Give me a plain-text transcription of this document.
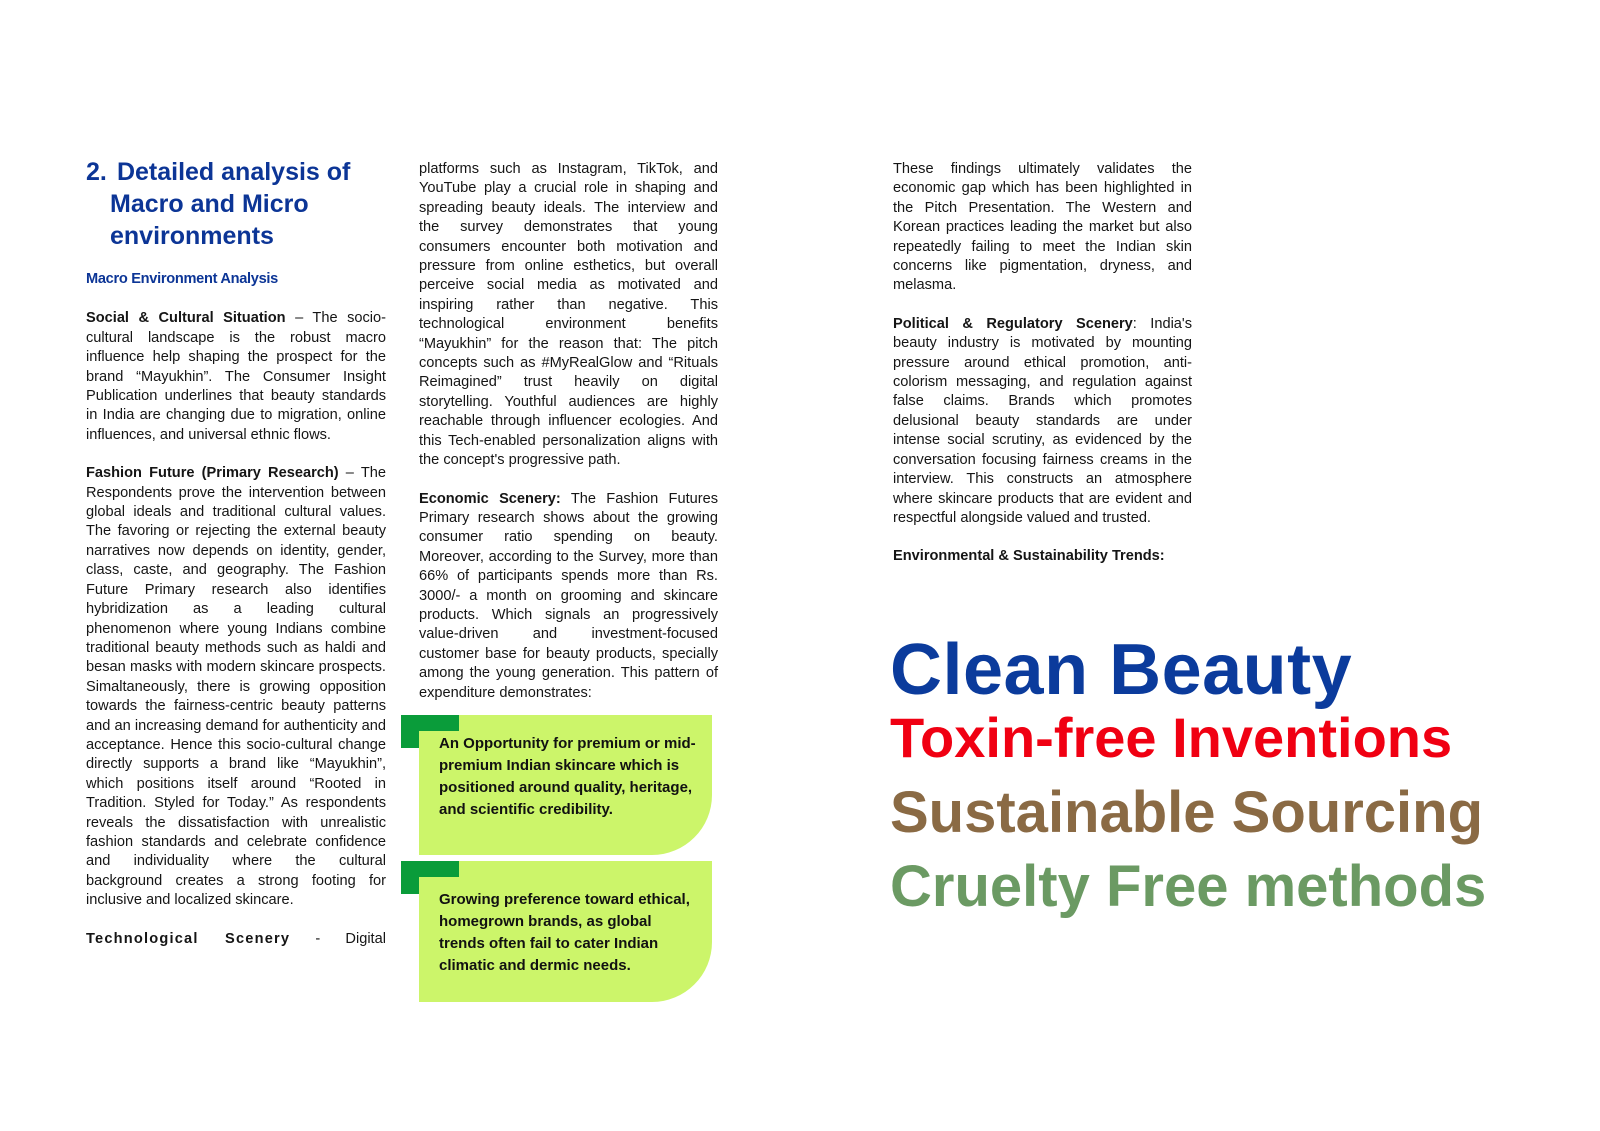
2. Detailed analysis of
Macro and Micro
environments
Macro Environment Analysis

Social & Cultural Situation – The socio-cultural landscape is the robust macro influence help shaping the prospect for the brand “Mayukhin”. The Consumer Insight Publication underlines that beauty standards in India are changing due to migration, online influences, and universal ethnic flows.

Fashion Future (Primary Research) – The Respondents prove the intervention between global ideals and traditional cultural values. The favoring or rejecting the external beauty narratives now depends on identity, gender, class, caste, and geography. The Fashion Future Primary research also identifies hybridization as a leading cultural phenomenon where young Indians combine traditional beauty methods such as haldi and besan masks with modern skincare prospects. Simaltaneously, there is growing opposition towards the fairness-centric beauty patterns and an increasing demand for authenticity and acceptance. Hence this socio-cultural change directly supports a brand like “Mayukhin”, which positions itself around “Rooted in Tradition. Styled for Today.” As respondents reveals the dissatisfaction with unrealistic fashion standards and celebrate confidence and individuality where the cultural background creates a strong footing for inclusive and localized skincare.

Technological Scenery - Digital

platforms such as Instagram, TikTok, and YouTube play a crucial role in shaping and spreading beauty ideals. The interview and the survey demonstrates that young consumers encounter both motivation and pressure from online esthetics, but overall perceive social media as motivated and inspiring rather than negative. This technological environment benefits “Mayukhin” for the reason that: The pitch concepts such as #MyRealGlow and “Rituals Reimagined” trust heavily on digital storytelling. Youthful audiences are highly reachable through influencer ecologies. And this Tech-enabled personalization aligns with the concept's progressive path.

Economic Scenery: The Fashion Futures Primary research shows about the growing consumer ratio spending on beauty. Moreover, according to the Survey, more than 66% of participants spends more than Rs. 3000/- a month on grooming and skincare products. Which signals an progressively value-driven and investment-focused customer base for beauty products, specially among the young generation. This pattern of expenditure demonstrates:

An Opportunity for premium or mid-premium Indian skincare which is positioned around quality, heritage, and scientific credibility.
Growing preference toward ethical, homegrown brands, as global trends often fail to cater Indian climatic and dermic needs.

These findings ultimately validates the economic gap which has been highlighted in the Pitch Presentation. The Western and Korean practices leading the market but also repeatedly failing to meet the Indian skin concerns like pigmentation, dryness, and melasma.

Political & Regulatory Scenery: India's beauty industry is motivated by mounting pressure around ethical promotion, anti-colorism messaging, and regulation against false claims. Brands which promotes delusional beauty standards are under intense social scrutiny, as evidenced by the conversation focusing fairness creams in the interview. This constructs an atmosphere where skincare products that are evident and respectful alongside valued and trusted.

Environmental & Sustainability Trends:

Clean Beauty
Toxin-free Inventions
Sustainable Sourcing
Cruelty Free methods
